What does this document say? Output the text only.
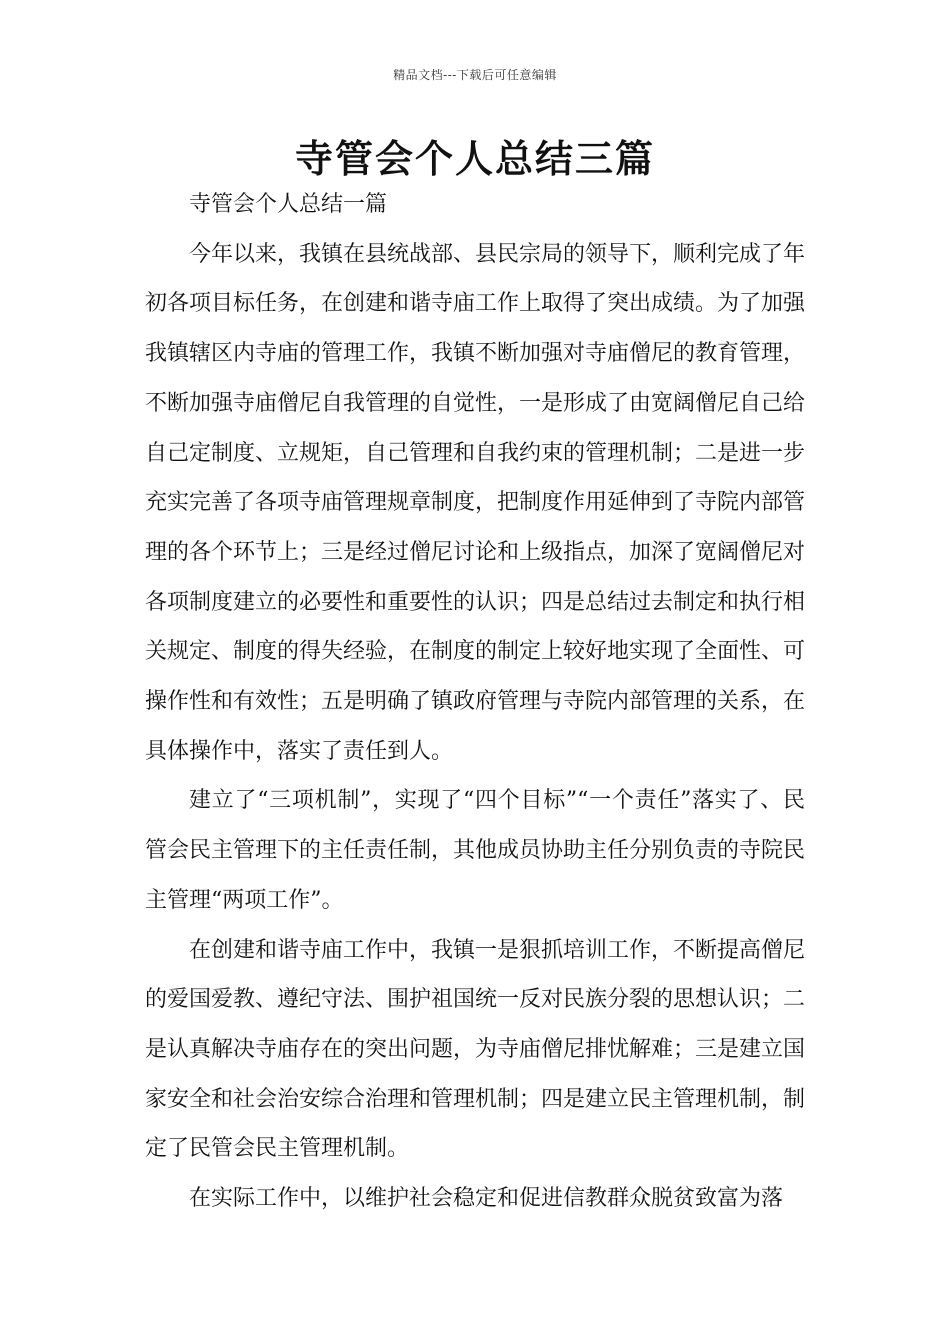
精品文档---下载后可任意编辑
寺管会个人总结三篇

寺管会个人总结一篇

今年以来，我镇在县统战部、县民宗局的领导下，顺利完成了年初各项目标任务，在创建和谐寺庙工作上取得了突出成绩。为了加强我镇辖区内寺庙的管理工作，我镇不断加强对寺庙僧尼的教育管理，不断加强寺庙僧尼自我管理的自觉性，一是形成了由宽阔僧尼自己给自己定制度、立规矩，自己管理和自我约束的管理机制；二是进一步充实完善了各项寺庙管理规章制度，把制度作用延伸到了寺院内部管理的各个环节上；三是经过僧尼讨论和上级指点，加深了宽阔僧尼对各项制度建立的必要性和重要性的认识；四是总结过去制定和执行相关规定、制度的得失经验，在制度的制定上较好地实现了全面性、可操作性和有效性；五是明确了镇政府管理与寺院内部管理的关系，在具体操作中，落实了责任到人。

建立了“三项机制”，实现了“四个目标”“一个责任”落实了、民管会民主管理下的主任责任制，其他成员协助主任分别负责的寺院民主管理“两项工作”。

在创建和谐寺庙工作中，我镇一是狠抓培训工作，不断提高僧尼的爱国爱教、遵纪守法、围护祖国统一反对民族分裂的思想认识；二是认真解决寺庙存在的突出问题，为寺庙僧尼排忧解难；三是建立国家安全和社会治安综合治理和管理机制；四是建立民主管理机制，制定了民管会民主管理机制。

在实际工作中，以维护社会稳定和促进信教群众脱贫致富为落
